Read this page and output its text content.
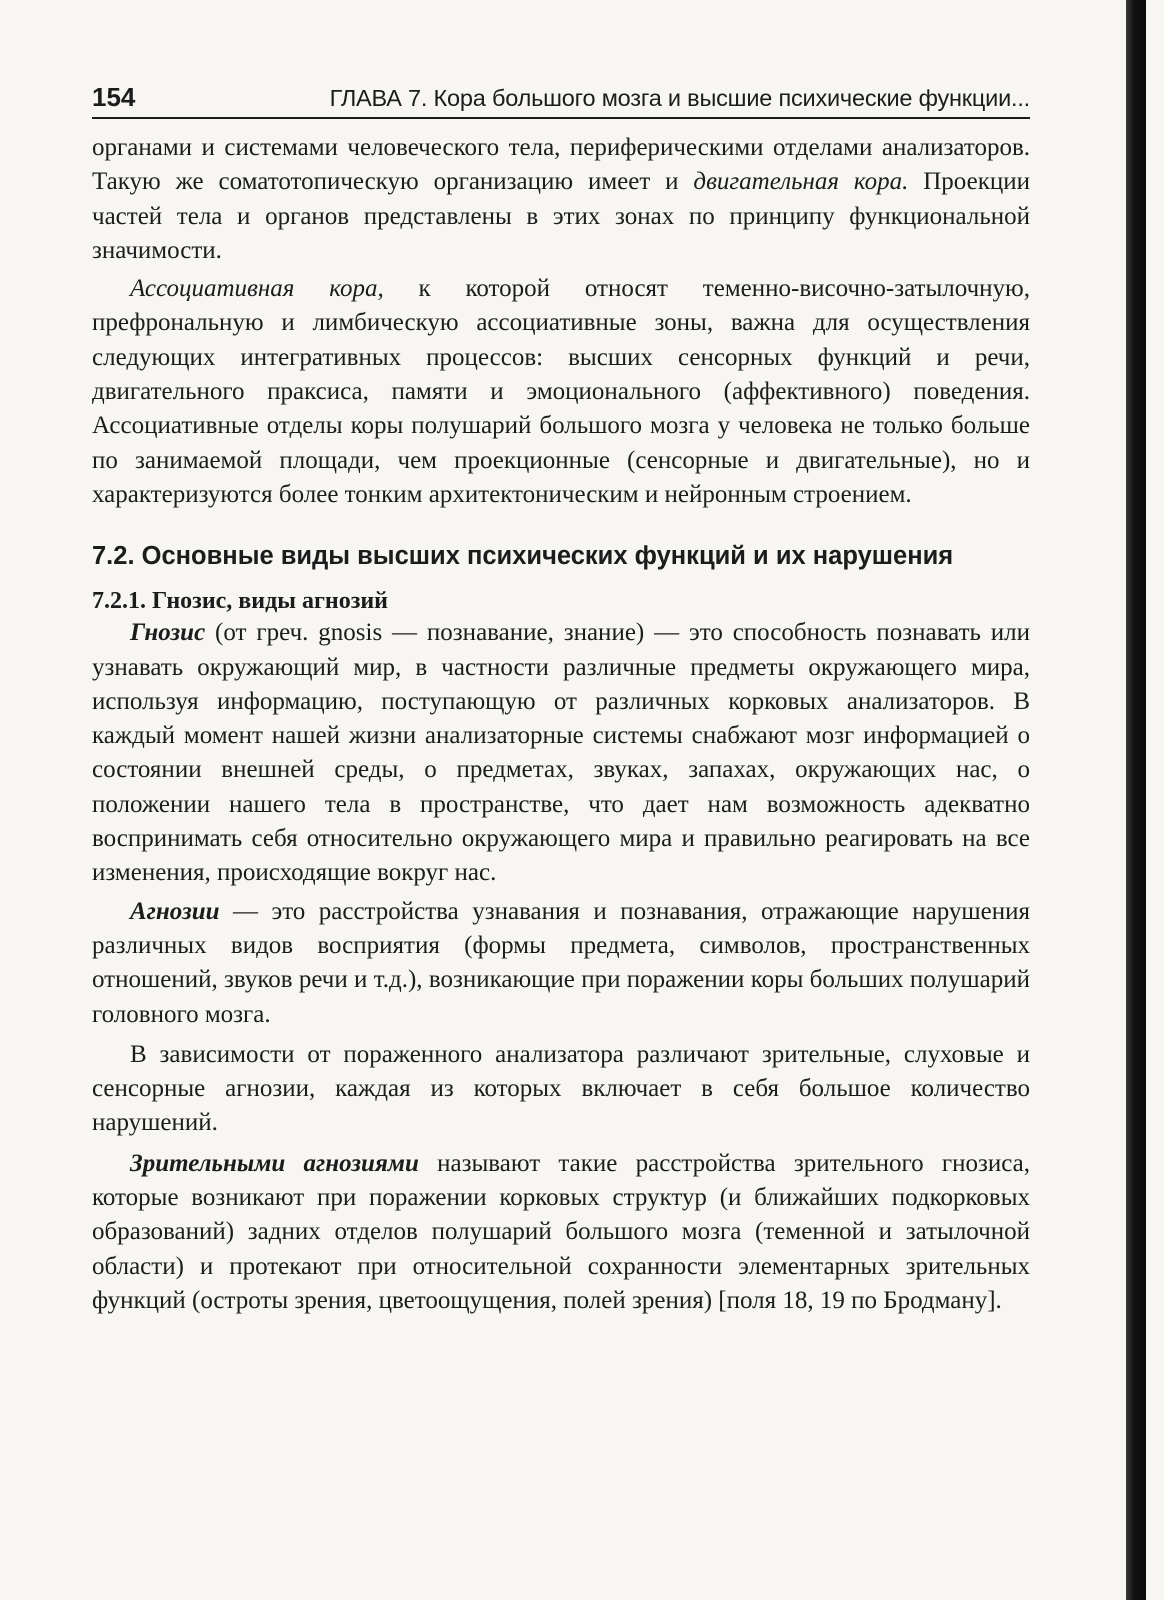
154	ГЛАВА 7. Кора большого мозга и высшие психические функции...

органами и системами человеческого тела, периферическими отделами анализаторов. Такую же соматотопическую организацию имеет и двигательная кора. Проекции частей тела и органов представлены в этих зонах по принципу функциональной значимости.

Ассоциативная кора, к которой относят теменно-височно-затылочную, префрональную и лимбическую ассоциативные зоны, важна для осуществления следующих интегративных процессов: высших сенсорных функций и речи, двигательного праксиса, памяти и эмоционального (аффективного) поведения. Ассоциативные отделы коры полушарий большого мозга у человека не только больше по занимаемой площади, чем проекционные (сенсорные и двигательные), но и характеризуются более тонким архитектоническим и нейронным строением.

7.2. Основные виды высших психических функций и их нарушения
7.2.1. Гнозис, виды агнозий

Гнозис (от греч. gnosis — познавание, знание) — это способность познавать или узнавать окружающий мир, в частности различные предметы окружающего мира, используя информацию, поступающую от различных корковых анализаторов. В каждый момент нашей жизни анализаторные системы снабжают мозг информацией о состоянии внешней среды, о предметах, звуках, запахах, окружающих нас, о положении нашего тела в пространстве, что дает нам возможность адекватно воспринимать себя относительно окружающего мира и правильно реагировать на все изменения, происходящие вокруг нас.

Агнозии — это расстройства узнавания и познавания, отражающие нарушения различных видов восприятия (формы предмета, символов, пространственных отношений, звуков речи и т.д.), возникающие при поражении коры больших полушарий головного мозга.

В зависимости от пораженного анализатора различают зрительные, слуховые и сенсорные агнозии, каждая из которых включает в себя большое количество нарушений.

Зрительными агнозиями называют такие расстройства зрительного гнозиса, которые возникают при поражении корковых структур (и ближайших подкорковых образований) задних отделов полушарий большого мозга (теменной и затылочной области) и протекают при относительной сохранности элементарных зрительных функций (остроты зрения, цветоощущения, полей зрения) [поля 18, 19 по Бродману].
